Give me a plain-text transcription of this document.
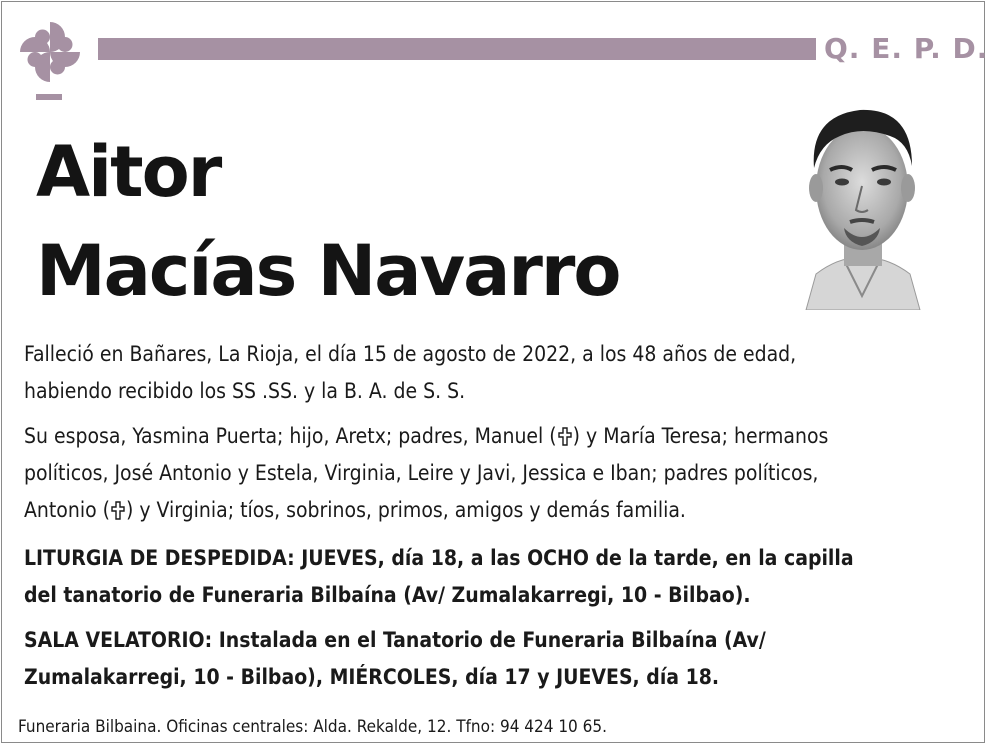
Q. E. P. D.
Aitor
Macías Navarro
Falleció en Bañares, La Rioja, el día 15 de agosto de 2022, a los 48 años de edad,
habiendo recibido los SS .SS. y la B. A. de S. S.
Su esposa, Yasmina Puerta; hijo, Aretx; padres, Manuel ( ) y María Teresa; hermanos
políticos, José Antonio y Estela, Virginia, Leire y Javi, Jessica e Iban; padres políticos,
Antonio ( ) y Virginia; tíos, sobrinos, primos, amigos y demás familia.
LITURGIA DE DESPEDIDA: JUEVES, día 18, a las OCHO de la tarde, en la capilla
del tanatorio de Funeraria Bilbaína (Av/ Zumalakarregi, 10 - Bilbao).
SALA VELATORIO: Instalada en el Tanatorio de Funeraria Bilbaína (Av/
Zumalakarregi, 10 - Bilbao), MIÉRCOLES, día 17 y JUEVES, día 18.
Funeraria Bilbaina. Oficinas centrales: Alda. Rekalde, 12. Tfno: 94 424 10 65.
